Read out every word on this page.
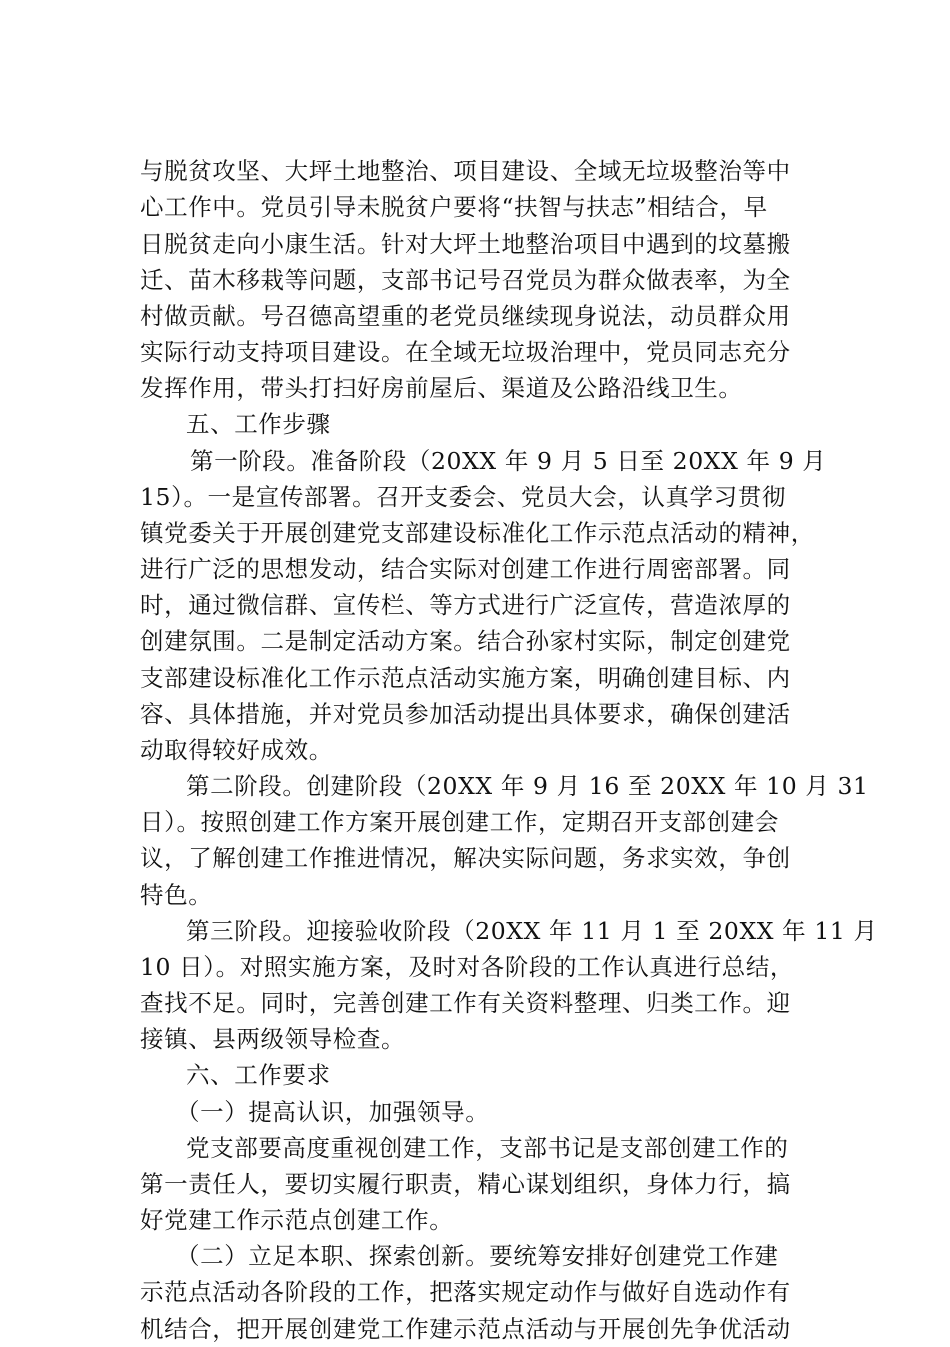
与脱贫攻坚、大坪土地整治、项目建设、全域无垃圾整治等中
心工作中。党员引导未脱贫户要将“扶智与扶志”相结合，早
日脱贫走向小康生活。针对大坪土地整治项目中遇到的坟墓搬
迁、苗木移栽等问题，支部书记号召党员为群众做表率，为全
村做贡献。号召德高望重的老党员继续现身说法，动员群众用
实际行动支持项目建设。在全域无垃圾治理中，党员同志充分
发挥作用，带头打扫好房前屋后、渠道及公路沿线卫生。
五、工作步骤
第一阶段。准备阶段（20XX 年 9 月 5 日至 20XX 年 9 月
15）。一是宣传部署。召开支委会、党员大会，认真学习贯彻
镇党委关于开展创建党支部建设标准化工作示范点活动的精神，
进行广泛的思想发动，结合实际对创建工作进行周密部署。同
时，通过微信群、宣传栏、等方式进行广泛宣传，营造浓厚的
创建氛围。二是制定活动方案。结合孙家村实际，制定创建党
支部建设标准化工作示范点活动实施方案，明确创建目标、内
容、具体措施，并对党员参加活动提出具体要求，确保创建活
动取得较好成效。
第二阶段。创建阶段（20XX 年 9 月 16 至 20XX 年 10 月 31
日）。按照创建工作方案开展创建工作，定期召开支部创建会
议，了解创建工作推进情况，解决实际问题，务求实效，争创
特色。
第三阶段。迎接验收阶段（20XX 年 11 月 1 至 20XX 年 11 月
10 日）。对照实施方案，及时对各阶段的工作认真进行总结，
查找不足。同时，完善创建工作有关资料整理、归类工作。迎
接镇、县两级领导检查。
六、工作要求
（一）提高认识，加强领导。
党支部要高度重视创建工作，支部书记是支部创建工作的
第一责任人，要切实履行职责，精心谋划组织，身体力行，搞
好党建工作示范点创建工作。
（二）立足本职、探索创新。要统筹安排好创建党工作建
示范点活动各阶段的工作，把落实规定动作与做好自选动作有
机结合，把开展创建党工作建示范点活动与开展创先争优活动
